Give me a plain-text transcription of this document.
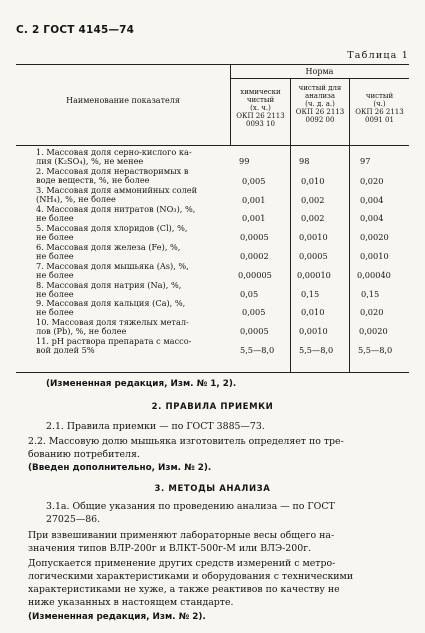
С. 2 ГОСТ 4145—74
Таблица 1
Норма
Наименование показателя
химически чистый
(х. ч.)
ОКП 26 2113 0093 10
чистый для анализа
(ч. д. а.)
ОКП 26 2113 0092 00
чистый
(ч.)
ОКП 26 2113 0091 01
1. Массовая доля серно-кислого ка-
лия (K₂SO₄), %, не менее	99	98	97
2. Массовая доля нерастворимых в
воде веществ, %, не более	0,005	0,010	0,020
3. Массовая доля аммонийных солей
(NH₄), %, не более	0,001	0,002	0,004
4. Массовая доля нитратов (NO₃), %,
не более	0,001	0,002	0,004
5. Массовая доля хлоридов (Cl), %,
не более	0,0005	0,0010	0,0020
6. Массовая доля железа (Fe), %,
не более	0,0002	0,0005	0,0010
7. Массовая доля мышьяка (As), %,
не более	0,00005	0,00010	0,00040
8. Массовая доля натрия (Na), %,
не более	0,05	0,15	0,15
9. Массовая доля кальция (Ca), %,
не более	0,005	0,010	0,020
10. Массовая доля тяжелых метал-
лов (Pb), %, не более	0,0005	0,0010	0,0020
11. pH раствора препарата с массо-
вой долей 5%	5,5—8,0	5,5—8,0	5,5—8,0
(Измененная редакция, Изм. № 1, 2).
2. ПРАВИЛА ПРИЕМКИ
2.1. Правила приемки — по ГОСТ 3885—73.
2.2. Массовую долю мышьяка изготовитель определяет по тре-
бованию потребителя.
(Введен дополнительно, Изм. № 2).
3. МЕТОДЫ АНАЛИЗА
3.1а. Общие указания по проведению анализа — по ГОСТ
27025—86.
При взвешивании применяют лабораторные весы общего на-
значения типов ВЛР-200г и ВЛКТ-500г-М или ВЛЭ-200г.
Допускается применение других средств измерений с метро-
логическими характеристиками и оборудования с техническими
характеристиками не хуже, а также реактивов по качеству не
ниже указанных в настоящем стандарте.
(Измененная редакция, Изм. № 2).
